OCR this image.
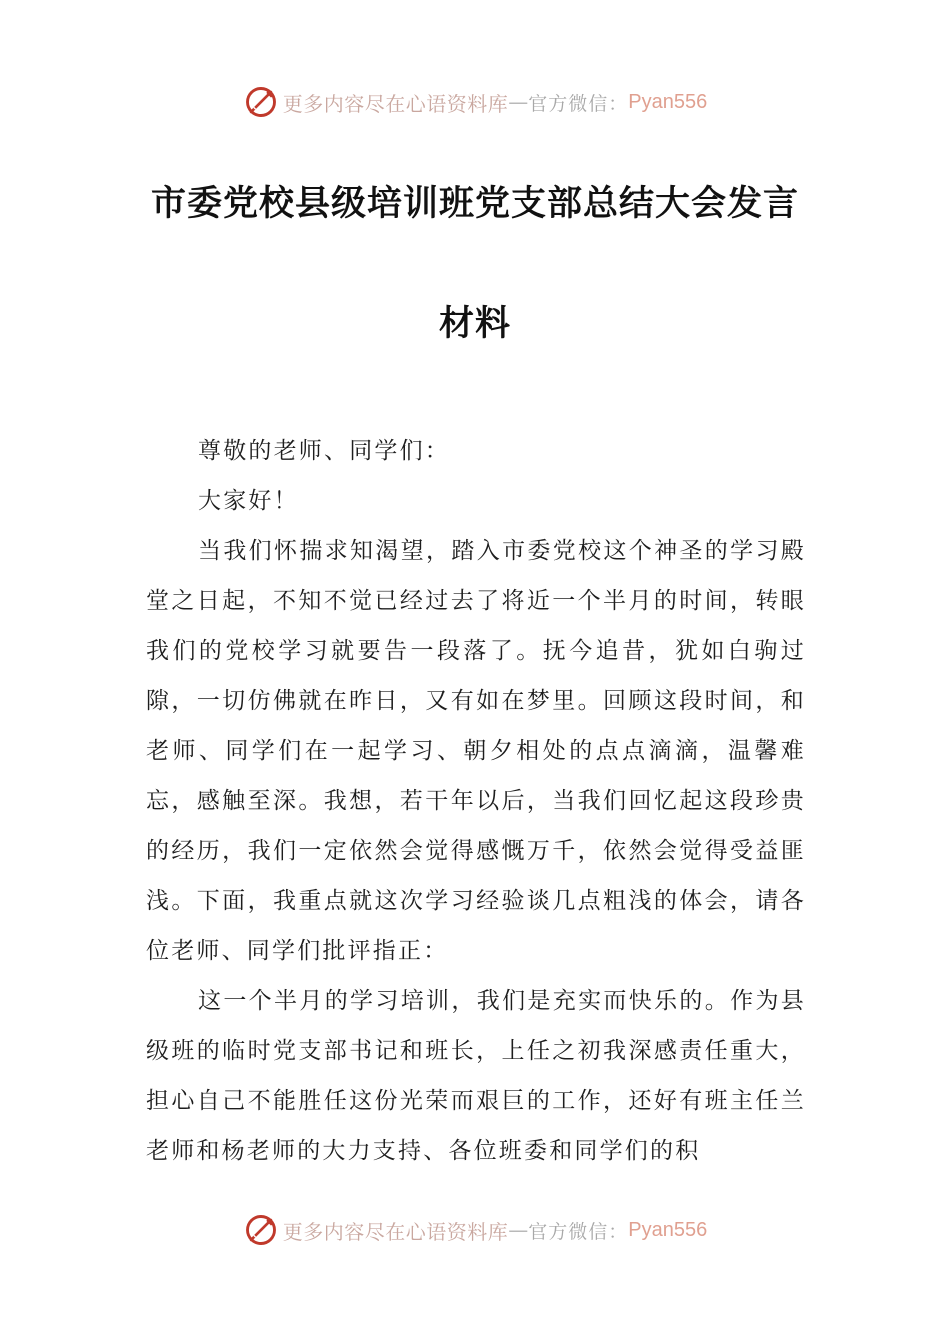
更多内容尽在心语资料库 — 官方微信： Pyan556
市委党校县级培训班党支部总结大会发言
材料

尊敬的老师、同学们：

大家好！

当我们怀揣求知渴望，踏入市委党校这个神圣的学习殿堂之日起，不知不觉已经过去了将近一个半月的时间，转眼我们的党校学习就要告一段落了。抚今追昔，犹如白驹过隙，一切仿佛就在昨日，又有如在梦里。回顾这段时间，和老师、同学们在一起学习、朝夕相处的点点滴滴，温馨难忘，感触至深。我想，若干年以后，当我们回忆起这段珍贵的经历，我们一定依然会觉得感慨万千，依然会觉得受益匪浅。下面，我重点就这次学习经验谈几点粗浅的体会，请各位老师、同学们批评指正：

这一个半月的学习培训，我们是充实而快乐的。作为县级班的临时党支部书记和班长，上任之初我深感责任重大，担心自己不能胜任这份光荣而艰巨的工作，还好有班主任兰老师和杨老师的大力支持、各位班委和同学们的积

更多内容尽在心语资料库 — 官方微信： Pyan556
